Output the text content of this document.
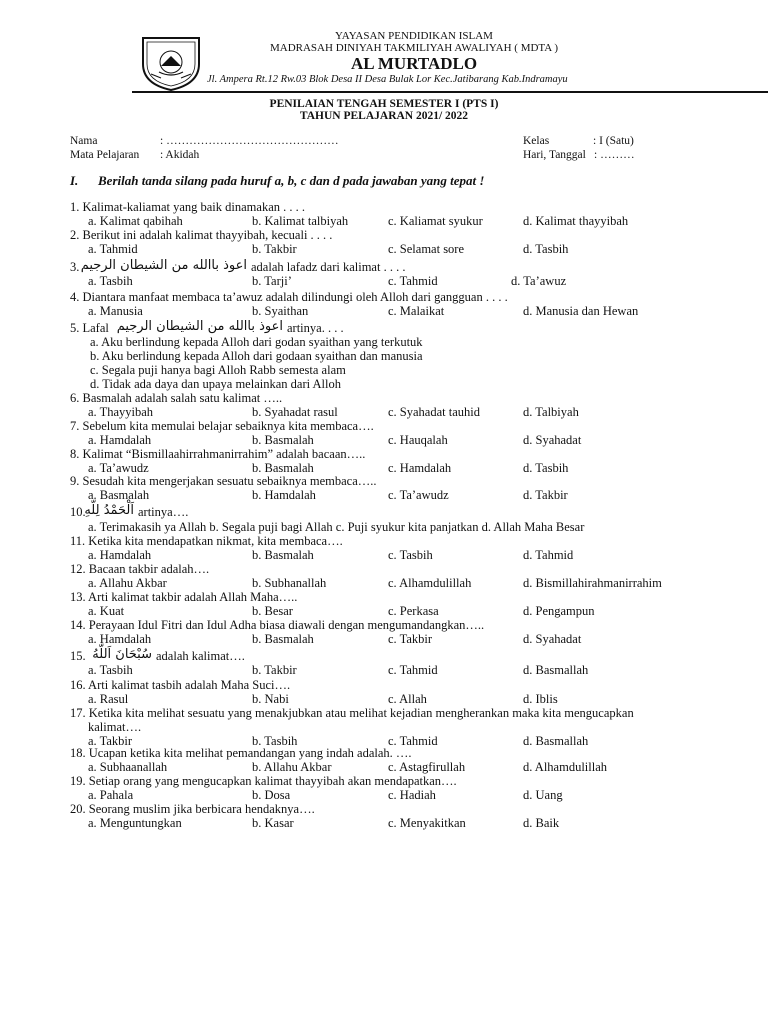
YAYASAN PENDIDIKAN ISLAM
MADRASAH DINIYAH TAKMILIYAH AWALIYAH ( MDTA )
AL MURTADLO
Jl. Ampera Rt.12 Rw.03 Blok Desa II Desa Bulak Lor Kec.Jatibarang Kab.Indramayu
PENILAIAN TENGAH SEMESTER I (PTS I)
TAHUN PELAJARAN 2021/ 2022
Nama	: ………………………………………
Mata Pelajaran : Akidah
Kelas	: I (Satu)
Hari, Tanggal : ………
I. Berilah tanda silang pada huruf a, b, c dan d pada jawaban yang tepat !
1. Kalimat-kaliamat yang baik dinamakan . . . .
a. Kalimat qabihah	b. Kalimat talbiyah	c. Kaliamat syukur	d. Kalimat thayyibah
2. Berikut ini adalah kalimat thayyibah, kecuali . . . .
a. Tahmid	b. Takbir	c. Selamat sore	d. Tasbih
3. اعوذ باالله من الشيطان الرجيم adalah lafadz dari kalimat . . . .
a. Tasbih	b. Tarji’	c. Tahmid	d. Ta’awuz
4. Diantara manfaat membaca ta’awuz adalah dilindungi oleh Alloh dari gangguan . . . .
a. Manusia	b. Syaithan	c. Malaikat	d. Manusia dan Hewan
5. Lafal اعوذ باالله من الشيطان الرجيم artinya. . . .
a. Aku berlindung kepada Alloh dari godan syaithan yang terkutuk
b. Aku berlindung kepada Alloh dari godaan syaithan dan manusia
c. Segala puji hanya bagi Alloh Rabb semesta alam
d. Tidak ada daya dan upaya melainkan dari Alloh
6. Basmalah adalah salah satu kalimat …..
a. Thayyibah	b. Syahadat rasul	c. Syahadat tauhid	d. Talbiyah
7. Sebelum kita memulai belajar sebaiknya kita membaca….
a. Hamdalah	b. Basmalah	c. Hauqalah	d. Syahadat
8. Kalimat “Bismillaahirrahmanirrahim” adalah bacaan…..
a. Ta’awudz	b. Basmalah	c. Hamdalah	d. Tasbih
9. Sesudah kita mengerjakan sesuatu sebaiknya membaca…..
a. Basmalah	b. Hamdalah	c. Ta’awudz	d. Takbir
10.
اَلْحَمْدُ لِلّهِ artinya….
a. Terimakasih ya Allah b. Segala puji bagi Allah c. Puji syukur kita panjatkan d. Allah Maha Besar
11. Ketika kita mendapatkan nikmat, kita membaca….
a. Hamdalah	b. Basmalah	c. Tasbih	d. Tahmid
12. Bacaan takbir adalah….
a. Allahu Akbar	b. Subhanallah	c. Alhamdulillah	d. Bismillahirahmanirrahim
13. Arti kalimat takbir adalah Allah Maha…..
a. Kuat	b. Besar	c. Perkasa	d. Pengampun
14. Perayaan Idul Fitri dan Idul Adha biasa diawali dengan mengumandangkan…..
a. Hamdalah	b. Basmalah	c. Takbir	d. Syahadat
15. سُبْحَانَ اَللّهُ adalah kalimat….
a. Tasbih	b. Takbir	c. Tahmid	d. Basmallah
16. Arti kalimat tasbih adalah Maha Suci….
a. Rasul	b. Nabi	c. Allah	d. Iblis
17. Ketika kita melihat sesuatu yang menakjubkan atau melihat kejadian mengherankan maka kita mengucapkan
kalimat….
a. Takbir	b. Tasbih	c. Tahmid	d. Basmallah
18. Ucapan ketika kita melihat pemandangan yang indah adalah. ….
a. Subhaanallah	b. Allahu Akbar	c. Astagfirullah	d. Alhamdulillah
19. Setiap orang yang mengucapkan kalimat thayyibah akan mendapatkan….
a. Pahala	b. Dosa	c. Hadiah	d. Uang
20. Seorang muslim jika berbicara hendaknya….
a. Menguntungkan	b. Kasar	c. Menyakitkan	d. Baik
